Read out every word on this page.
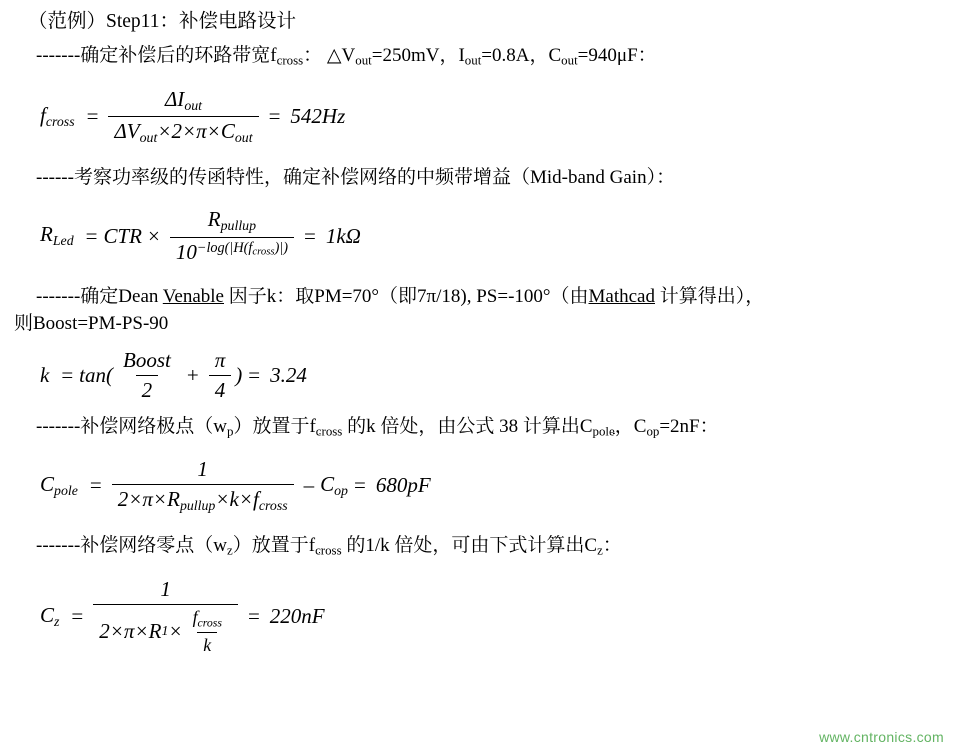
（范例）Step11：补偿电路设计
-------确定补偿后的环路带宽$f_{cross}$： $\triangle V_{out}=250mV$，$I_{out}=0.8A$，$C_{out}=940\mu F$：
fcross = $\frac{\text{ΔIout}}{\text{ΔVout×2×π×Cout}} = 542Hz$
------考察功率级的传函特性，确定补偿网络的中频带增益（Mid-band Gain）：
RLed = CTR × $\frac{\text{Rpullup}}{10^{-log(|H(fcross)|)}} = 1k\Omega$
-------确定Dean Venable 因子k：取PM=70°（即7π/18), PS=-100°（由Mathcad 计算得出），
则Boost=PM-PS-90
$k = \tan( \frac{\text{Boost}}{2} + \frac{\pi}{4}$ ) = 3.24
-------补偿网络极点$(w_p)$放置于$f_{cross}$ 的k 倍处，由公式 38 计算出$C_{pole}$，$C_{op}=2nF$：
Cpole = $\frac{1}{\text{2×π×Rpullup×k×fcross}}$ – Cop = 680pF
-------补偿网络零点$(w_z)$放置于$f_{cross}$ 的1/k 倍处，可由下式计算出$C_z$：
$Cz = \frac{1}{2\times\pi\times R 1 \times \frac{\text{fcross}}{k}} = 220nF$
www.cntronics.com
